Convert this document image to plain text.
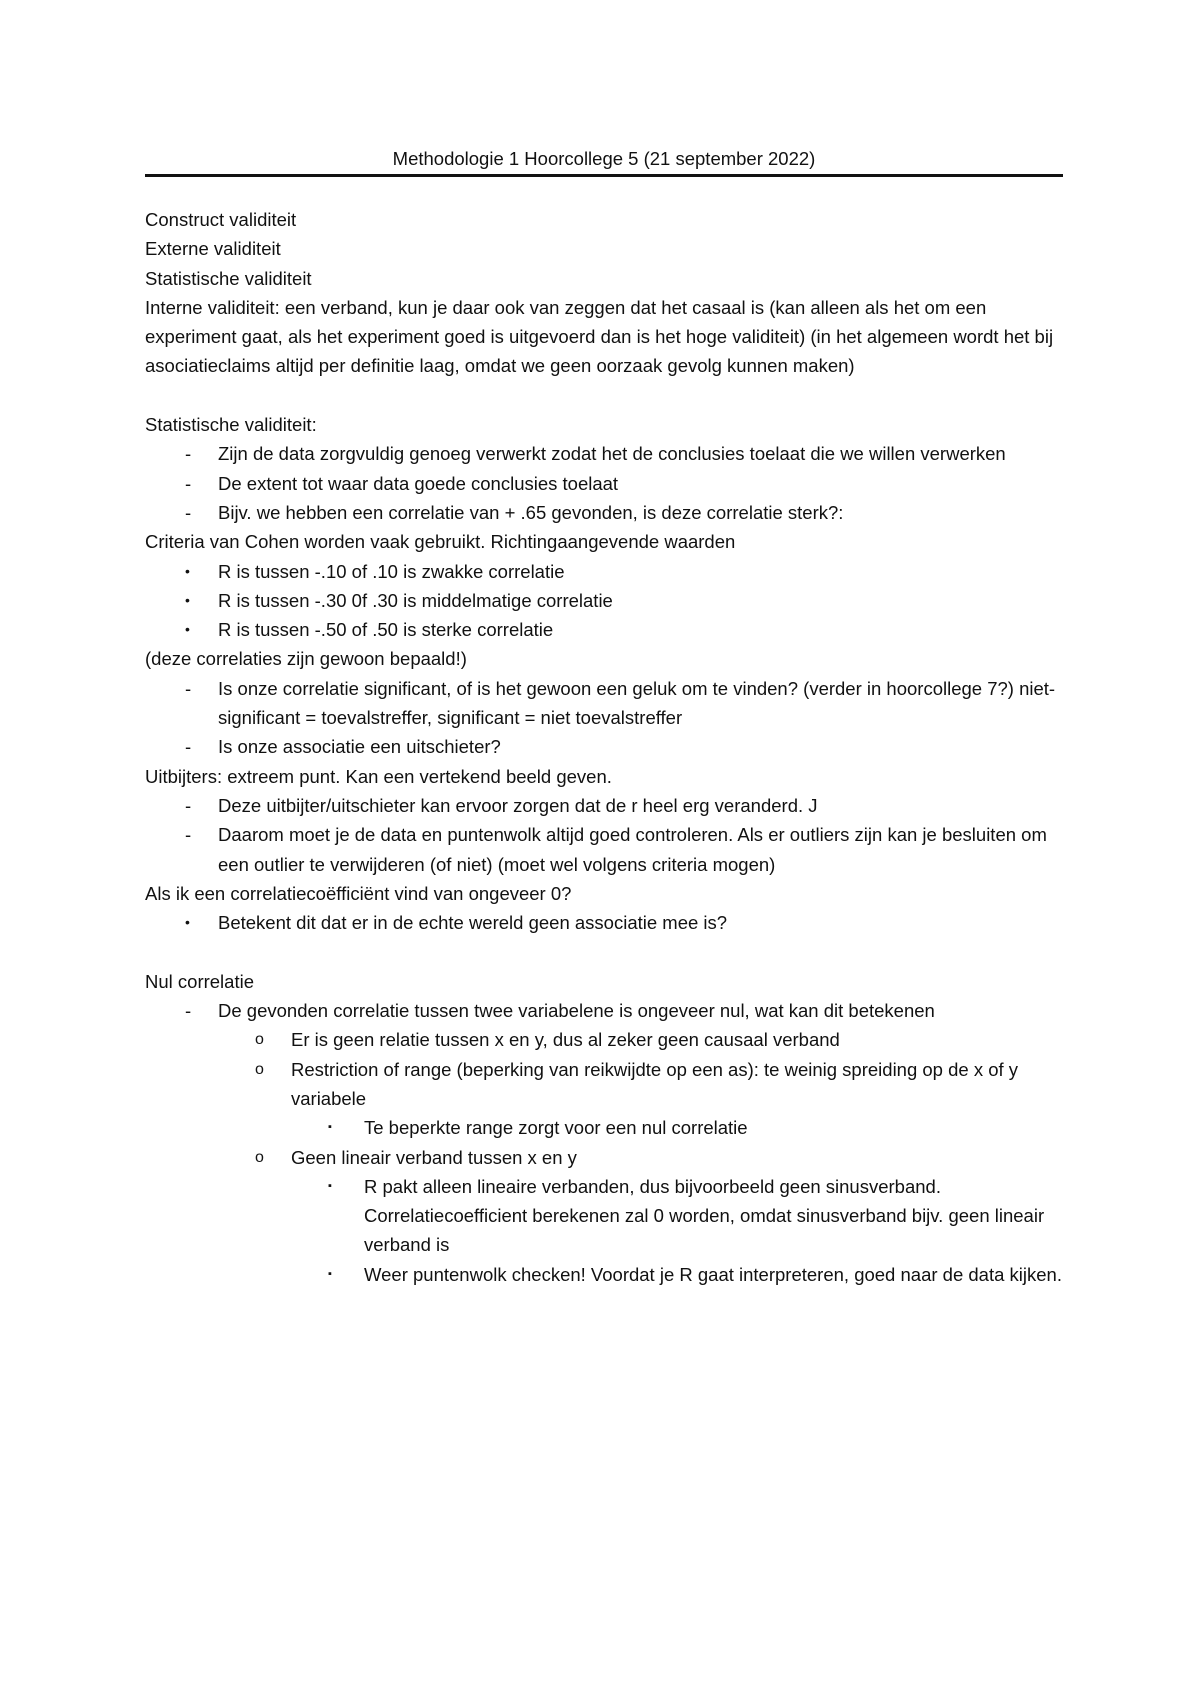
Methodologie 1 Hoorcollege 5 (21 september 2022)
Construct validiteit
Externe validiteit
Statistische validiteit
Interne validiteit: een verband, kun je daar ook van zeggen dat het casaal is (kan alleen als het om een experiment gaat, als het experiment goed is uitgevoerd dan is het hoge validiteit) (in het algemeen wordt het bij asociatieclaims altijd per definitie laag, omdat we geen oorzaak gevolg kunnen maken)
Statistische validiteit:
-	Zijn de data zorgvuldig genoeg verwerkt zodat het de conclusies toelaat die we willen verwerken
-	De extent tot waar data goede conclusies toelaat
-	Bijv. we hebben een correlatie van + .65 gevonden, is deze correlatie sterk?:
Criteria van Cohen worden vaak gebruikt. Richtingaangevende waarden
•	R is tussen -.10 of .10 is zwakke correlatie
•	R is tussen -.30 0f .30 is middelmatige correlatie
•	R is tussen -.50 of .50 is sterke correlatie
(deze correlaties zijn gewoon bepaald!)
-	Is onze correlatie significant, of is het gewoon een geluk om te vinden? (verder in hoorcollege 7?) niet-significant = toevalstreffer, significant = niet toevalstreffer
-	Is onze associatie een uitschieter?
Uitbijters: extreem punt. Kan een vertekend beeld geven.
-	Deze uitbijter/uitschieter kan ervoor zorgen dat de r heel erg veranderd. J
-	Daarom moet je de data en puntenwolk altijd goed controleren. Als er outliers zijn kan je besluiten om een outlier te verwijderen (of niet) (moet wel volgens criteria mogen)
Als ik een correlatiecoëfficiënt vind van ongeveer 0?
•	Betekent dit dat er in de echte wereld geen associatie mee is?
Nul correlatie
-	De gevonden correlatie tussen twee variabelene is ongeveer nul, wat kan dit betekenen
o	Er is geen relatie tussen x en y, dus al zeker geen causaal verband
o	Restriction of range (beperking van reikwijdte op een as): te weinig spreiding op de x of y variabele
▪	Te beperkte range zorgt voor een nul correlatie
o	Geen lineair verband tussen x en y
▪	R pakt alleen lineaire verbanden, dus bijvoorbeeld geen sinusverband. Correlatiecoefficient berekenen zal 0 worden, omdat sinusverband bijv. geen lineair verband is
▪	Weer puntenwolk checken! Voordat je R gaat interpreteren, goed naar de data kijken.
